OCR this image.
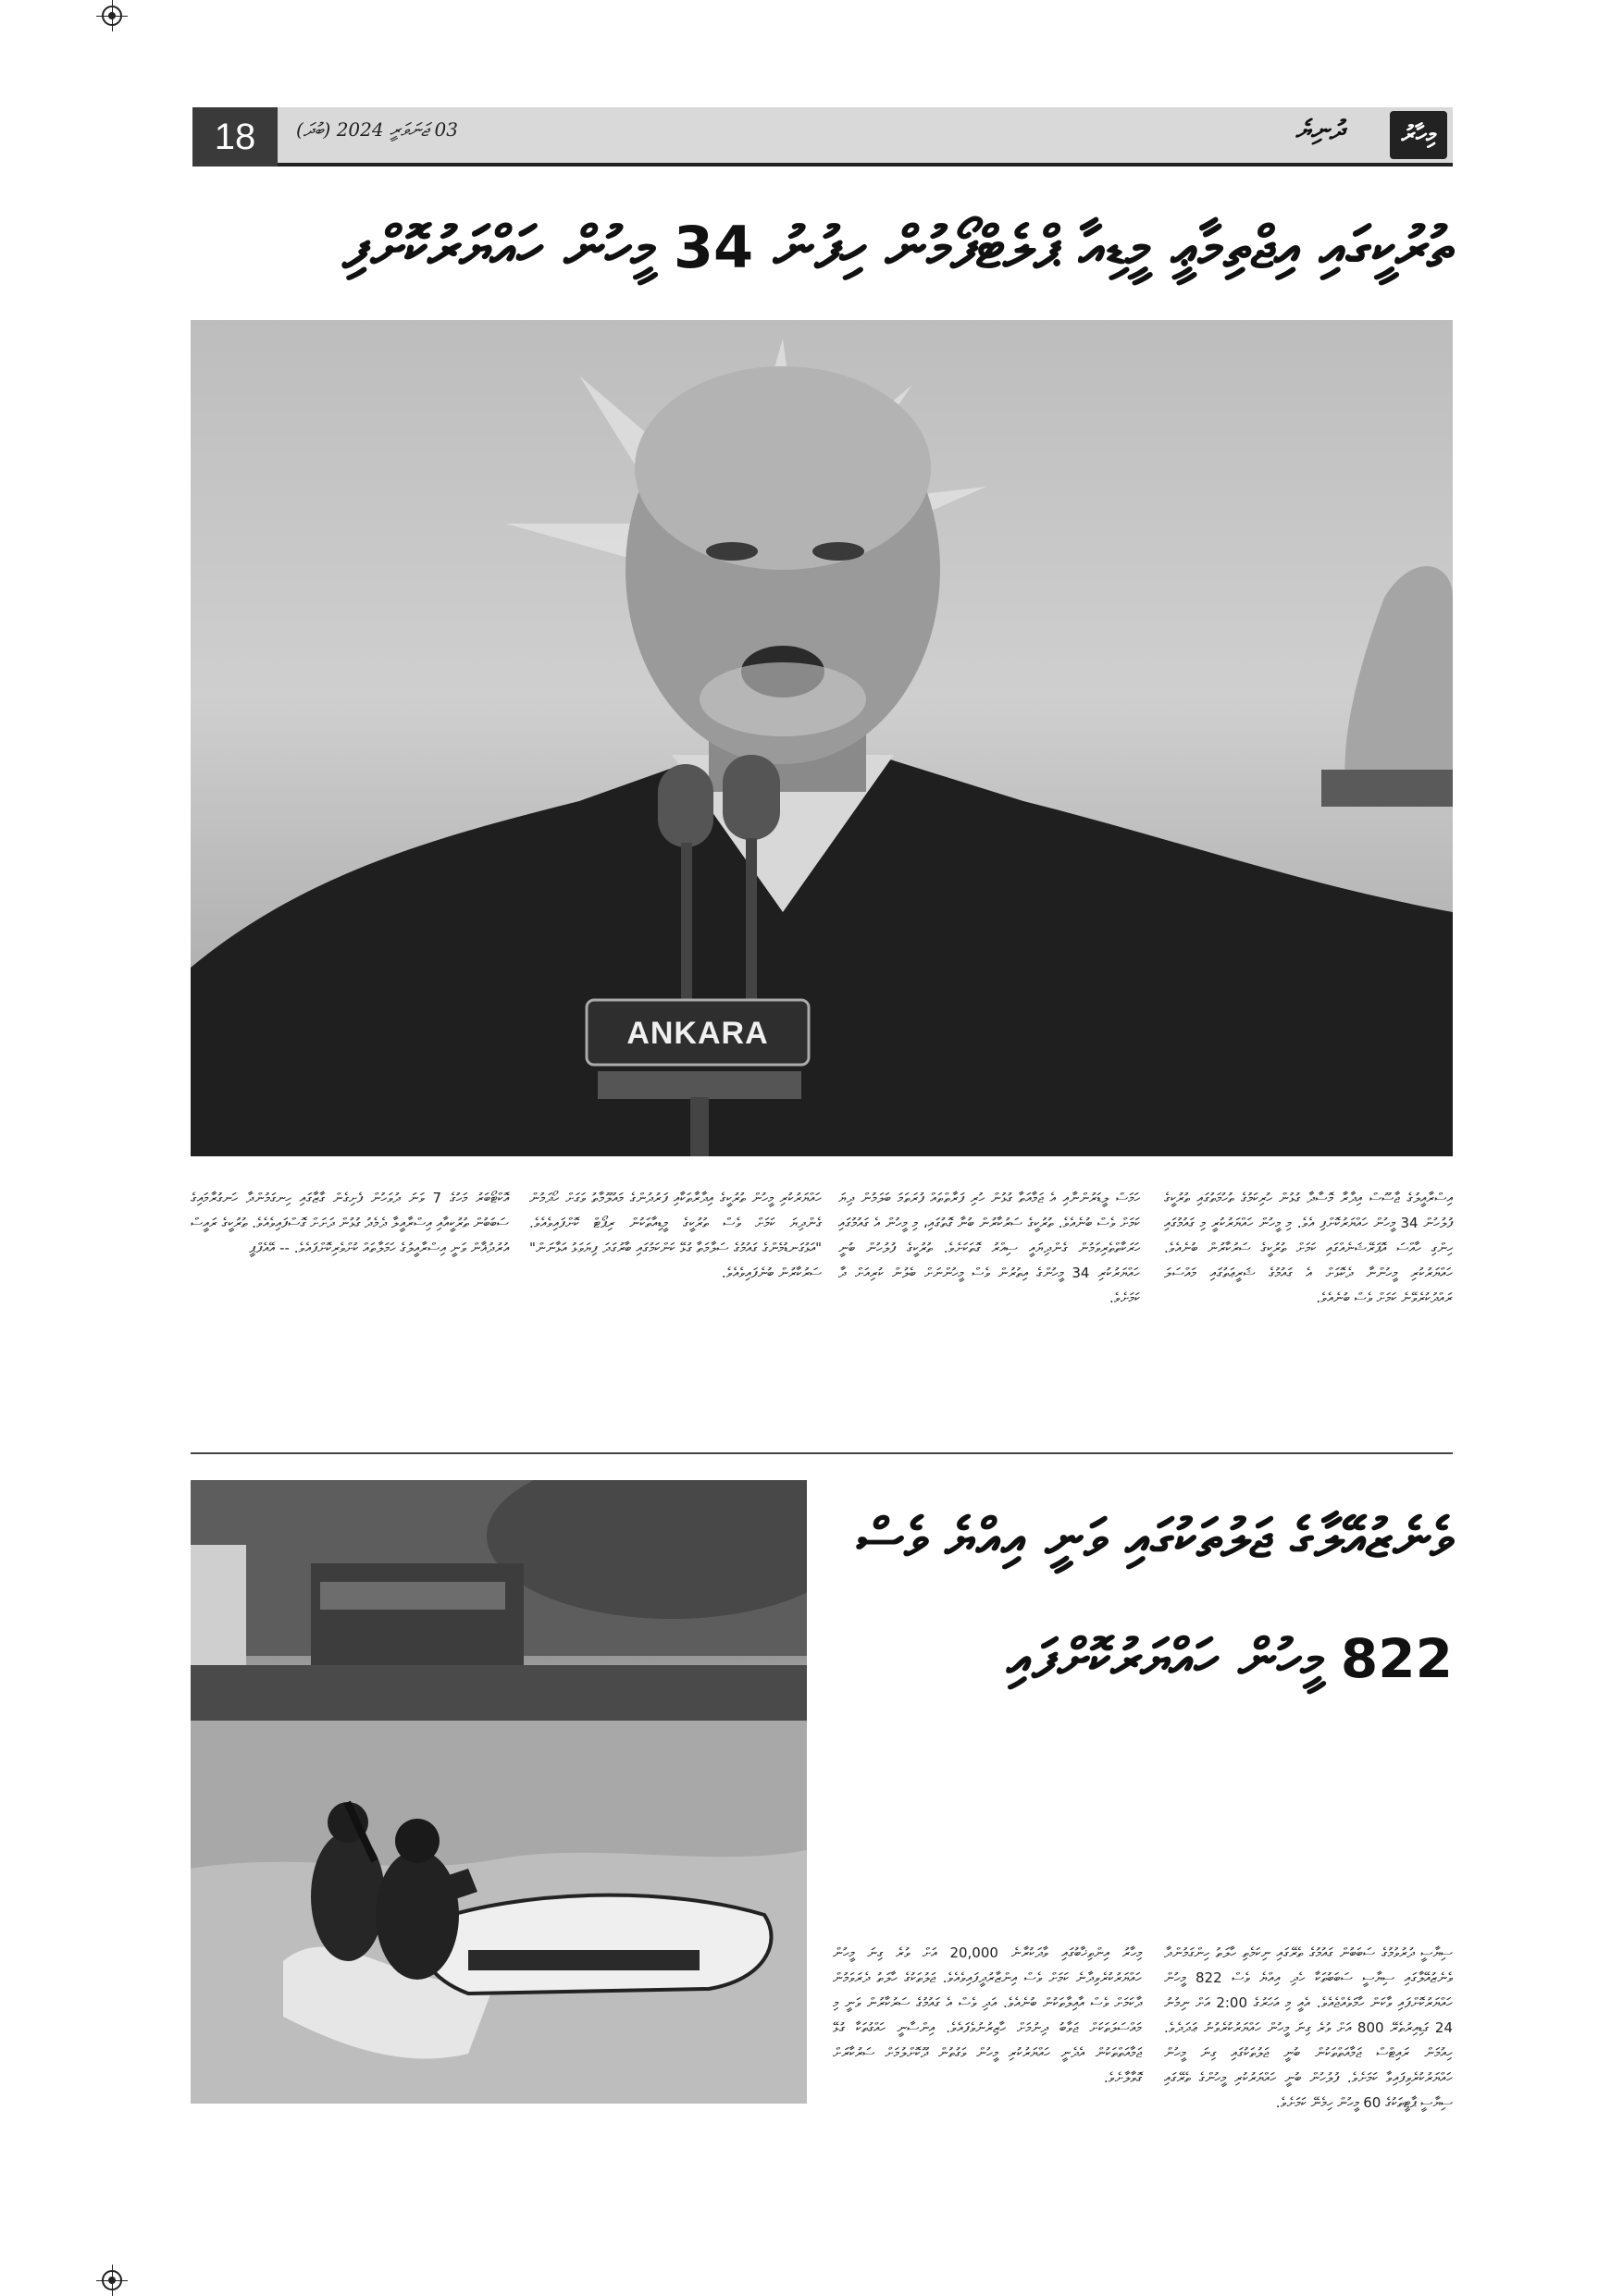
18	03 ޖަނަވަރީ 2024 (ބުދަ)	ދުނިޔެ	މިހާރު
ތުރުކީގައި އިޖްތިމާޢީ މީޑިއާ ޕްލެޓްފޯމުން ހިފުނު 34 މީހުން ހައްޔަރުކޮށްފި
ANKARA
އިސްރާއީލުގެ ޖާސޫސް އިދާރާ މޮސާދާ ގުޅުން ހުރިކަމުގެ ތުހުމަތުގައި ތުރުކީގެ ފުލުހުން 34 މީހުން ހައްޔަރުކޮށްފި އެވެ. މި މީހުން ހައްޔަރުކުރީ މި ގައުމުގައި ހިންގި ހާއްސަ އޮޕަރޭޝަނެއްގައި ކަމަށް ތުރުކީގެ ސަރުކާރުން ބުނެއެވެ. ހައްޔަރުކުރި މީހުންނާ ދެކޮޅަށް އެ ގައުމުގެ ޝަރީޢަތުގައި މައްސަލަ ރައްދުކުރެވޭނެ ކަމަށް ވެސް ބުނެއެވެ.
ހަމަސް ލީޑަރުންނާއި އެ ޖަމާއަތާ ގުޅުން ހުރި ފަރާތްތައް ފުރަތަމަ ބަލަމުން ދިޔަ ކަމަށް ވެސް ބުނެއެވެ. ތުރުކީގެ ސަރުކާރުން ބުނާ ގޮތުގައި، މި މީހުން އެ ގައުމުގައި ހަރަކާތްތެރިވަމުން ގެންދިޔައީ ސިއްރު ގޮތަކަށެވެ. ތުރުކީގެ ފުލުހުން ބުނީ ހައްޔަރުކުރި 34 މީހުންގެ އިތުރުން ވެސް މީހުންނަށް ބެލުން ކުރިއަށް ދާ ކަމަށެވެ.
ހައްޔަރުކުރި މީހުން ތުރުކީގެ އިދާރާތަކާއި ފަރުދުންގެ މައުލޫމާތު ވަގަށް ހޯދަމުން ގެންދިޔަ ކަމަށް ވެސް ތުރުކީގެ މީޑިއާތަކުން ރިޕޯޓް ކޮށްފައިވެއެވެ. "އަޅުގަނޑުމެންގެ ގައުމުގެ ސަލާމަތާ ގުޅޭ ކަންކަމުގައި ބާރުގަދަ ފިޔަވަޅު އަޅާނަން" ސަރުކާރުން ބުނެފައިވެއެވެ.
އޮކްޓޯބަރު މަހުގެ 7 ވަނަ ދުވަހުން ފެށިގެން ގާޒާގައި ހިނގަމުންދާ ހަނގުރާމައިގެ ސަބަބުން ތުރުކީއާއި އިސްރާއީލާ ދެމެދު ގުޅުން ދަށަށް ގޮސްފައިވެއެވެ. ތުރުކީގެ ރައީސް އުރުދުޣާން ވަނީ އިސްރާއީލުގެ ހަމަލާތައް ކުށްވެރިކޮށްފައެވެ. -- އޭއެފްޕީ
ވެނެޒުއޭލާގެ ޖަލުތަކުގައި ވަނީ އިއްޔެ ވެސް 822 މީހުން ހައްޔަރުކޮށްފައި
ސިޔާސީ ދުރުވުމުގެ ސަބަބުން ގައުމުގެ ތެރޭގައި ނިކަމެތި ހާލަތު ހިންގަމުންދާ ވެނެޒުއޭލާގައި ސިޔާސީ ސަބަބުތަކާ ހެދި އިއްޔެ ވެސް 822 މީހުން ހައްޔަރުކޮށްފައި ވާކަން ހާމަވެއްޖެއެވެ. އެއީ މި އަހަރުގެ 2:00 އަށް ނިމުނު 24 ގަޑިއިރުތެރޭ 800 އަށް ވުރެ ގިނަ މީހުން ހައްޔަރުކުރެވުނު ޢަދަދެވެ. ހިއުމަން ރައިޓްސް ޖަމާއަތްތަކުން ބުނީ ޖަލުތަކުގައި ގިނަ މީހުން ހައްޔަރުކުރެވިފައިވާ ކަމަށެވެ. ފުލުހުން ބުނީ ހައްޔަރުކުރި މީހުންގެ ތެރޭގައި ސިޔާސީ ޕާޓީތަކުގެ 60 މީހުން ހިމެނޭ ކަމަށެވެ.
މިހާރު އިންތިޚާބުގައި ވާދަކުރާނެ 20,000 އަށް ވުރެ ގިނަ މީހުން ހައްޔަރުކުރެވިދާނެ ކަމަށް ވެސް އިންޒާރުދީފައިވެއެވެ. ޖަލުތަކުގެ ހާލަތު ދެރަވަމުން ދާކަމަށް ވެސް އާއިލާތަކުން ބުނެއެވެ. އަދި ވެސް އެ ގައުމުގެ ސަރުކާރުން ވަނީ މި މައްސަލަތަކަށް ޖަވާބު ދިނުމަށް ހާޒިރުނުވެފައެވެ. އިންސާނީ ހައްގުތަކާ ގުޅޭ ޖަމާއަތްތަކުން އެދެނީ ހައްޔަރުކުރި މީހުން ވަގުތުން ދޫކޮށްލުމަށް ސަރުކާރަށް ގޮވާލާށެވެ.
